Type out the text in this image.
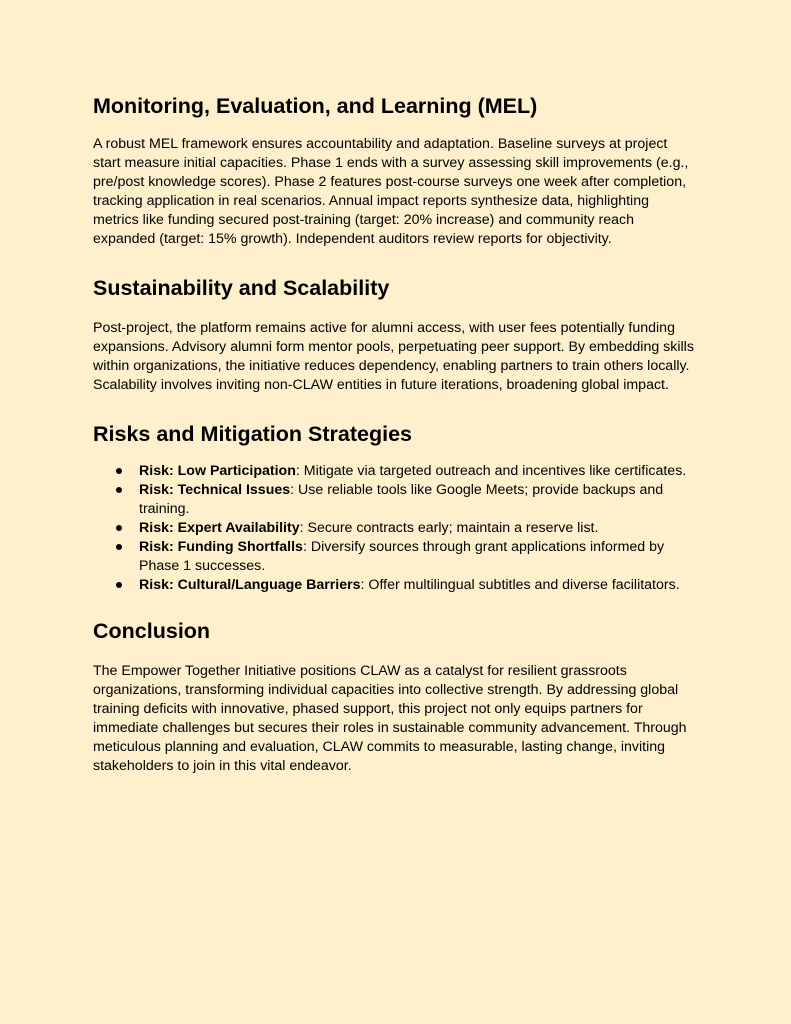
Monitoring, Evaluation, and Learning (MEL)

A robust MEL framework ensures accountability and adaptation. Baseline surveys at project
start measure initial capacities. Phase 1 ends with a survey assessing skill improvements (e.g.,
pre/post knowledge scores). Phase 2 features post-course surveys one week after completion,
tracking application in real scenarios. Annual impact reports synthesize data, highlighting
metrics like funding secured post-training (target: 20% increase) and community reach
expanded (target: 15% growth). Independent auditors review reports for objectivity.

Sustainability and Scalability

Post-project, the platform remains active for alumni access, with user fees potentially funding
expansions. Advisory alumni form mentor pools, perpetuating peer support. By embedding skills
within organizations, the initiative reduces dependency, enabling partners to train others locally.
Scalability involves inviting non-CLAW entities in future iterations, broadening global impact.

Risks and Mitigation Strategies
Risk: Low Participation: Mitigate via targeted outreach and incentives like certificates.
Risk: Technical Issues: Use reliable tools like Google Meets; provide backups and
training.
Risk: Expert Availability: Secure contracts early; maintain a reserve list.
Risk: Funding Shortfalls: Diversify sources through grant applications informed by
Phase 1 successes.
Risk: Cultural/Language Barriers: Offer multilingual subtitles and diverse facilitators.
Conclusion

The Empower Together Initiative positions CLAW as a catalyst for resilient grassroots
organizations, transforming individual capacities into collective strength. By addressing global
training deficits with innovative, phased support, this project not only equips partners for
immediate challenges but secures their roles in sustainable community advancement. Through
meticulous planning and evaluation, CLAW commits to measurable, lasting change, inviting
stakeholders to join in this vital endeavor.
